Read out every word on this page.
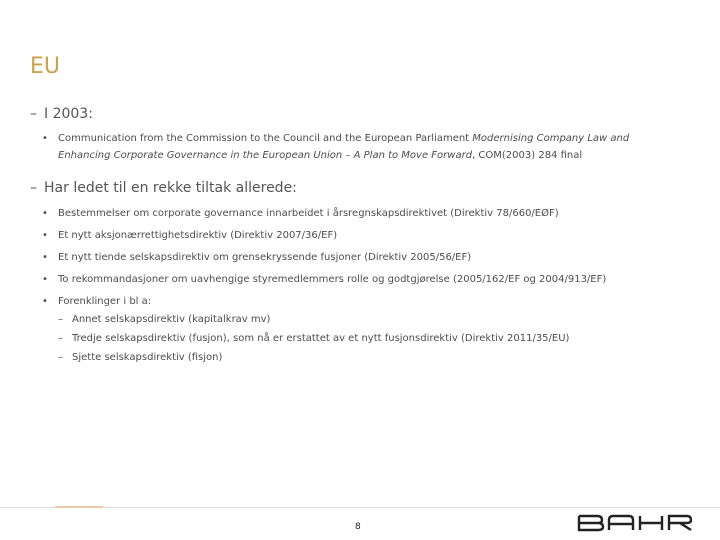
EU
– I 2003:
• Communication from the Commission to the Council and the European Parliament Modernising Company Law and
Enhancing Corporate Governance in the European Union – A Plan to Move Forward, COM(2003) 284 final
– Har ledet til en rekke tiltak allerede:
• Bestemmelser om corporate governance innarbeidet i årsregnskapsdirektivet (Direktiv 78/660/EØF)
• Et nytt aksjonærrettighetsdirektiv (Direktiv 2007/36/EF)
• Et nytt tiende selskapsdirektiv om grensekryssende fusjoner (Direktiv 2005/56/EF)
• To rekommandasjoner om uavhengige styremedlemmers rolle og godtgjørelse (2005/162/EF og 2004/913/EF)
• Forenklinger i bl a:
– Annet selskapsdirektiv (kapitalkrav mv)
– Tredje selskapsdirektiv (fusjon), som nå er erstattet av et nytt fusjonsdirektiv (Direktiv 2011/35/EU)
– Sjette selskapsdirektiv (fisjon)
8
